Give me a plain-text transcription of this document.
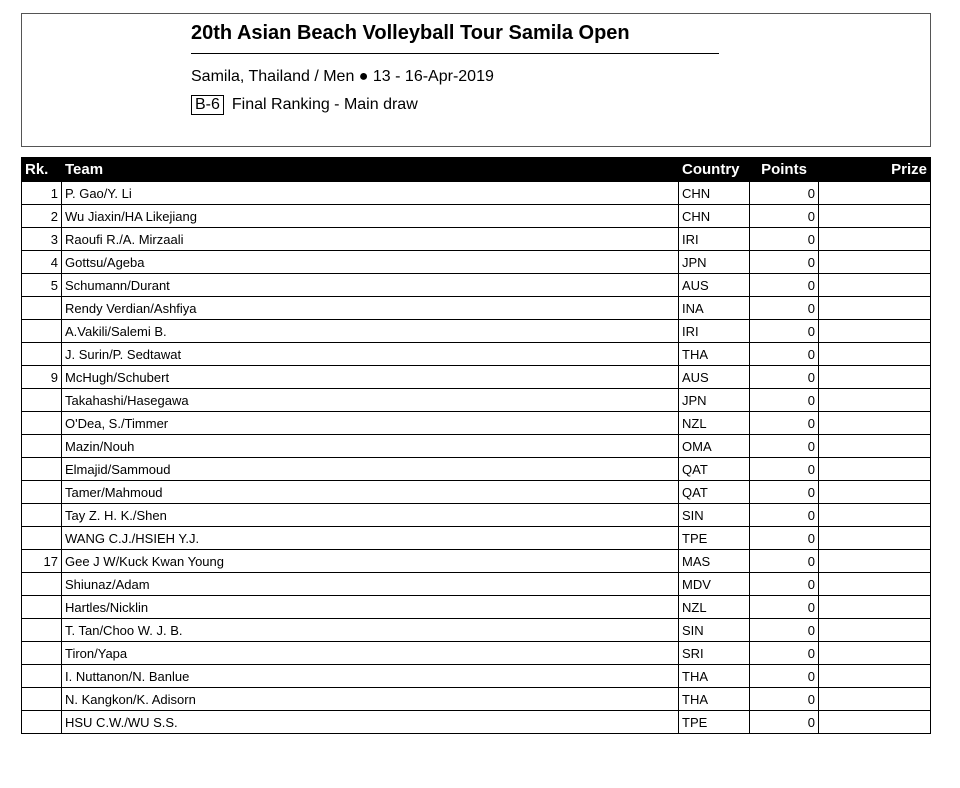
20th Asian Beach Volleyball Tour Samila Open
Samila, Thailand / Men ● 13 - 16-Apr-2019
B-6 Final Ranking - Main draw
Rk.	Team	Country	Points	Prize
1	P. Gao/Y. Li	CHN	0	
2	Wu Jiaxin/HA Likejiang	CHN	0	
3	Raoufi R./A. Mirzaali	IRI	0	
4	Gottsu/Ageba	JPN	0	
5	Schumann/Durant	AUS	0	
	Rendy Verdian/Ashfiya	INA	0	
	A.Vakili/Salemi B.	IRI	0	
	J. Surin/P. Sedtawat	THA	0	
9	McHugh/Schubert	AUS	0	
	Takahashi/Hasegawa	JPN	0	
	O'Dea, S./Timmer	NZL	0	
	Mazin/Nouh	OMA	0	
	Elmajid/Sammoud	QAT	0	
	Tamer/Mahmoud	QAT	0	
	Tay Z. H. K./Shen	SIN	0	
	WANG C.J./HSIEH Y.J.	TPE	0	
17	Gee J W/Kuck Kwan Young	MAS	0	
	Shiunaz/Adam	MDV	0	
	Hartles/Nicklin	NZL	0	
	T. Tan/Choo W. J. B.	SIN	0	
	Tiron/Yapa	SRI	0	
	I. Nuttanon/N. Banlue	THA	0	
	N. Kangkon/K. Adisorn	THA	0	
	HSU C.W./WU S.S.	TPE	0	
